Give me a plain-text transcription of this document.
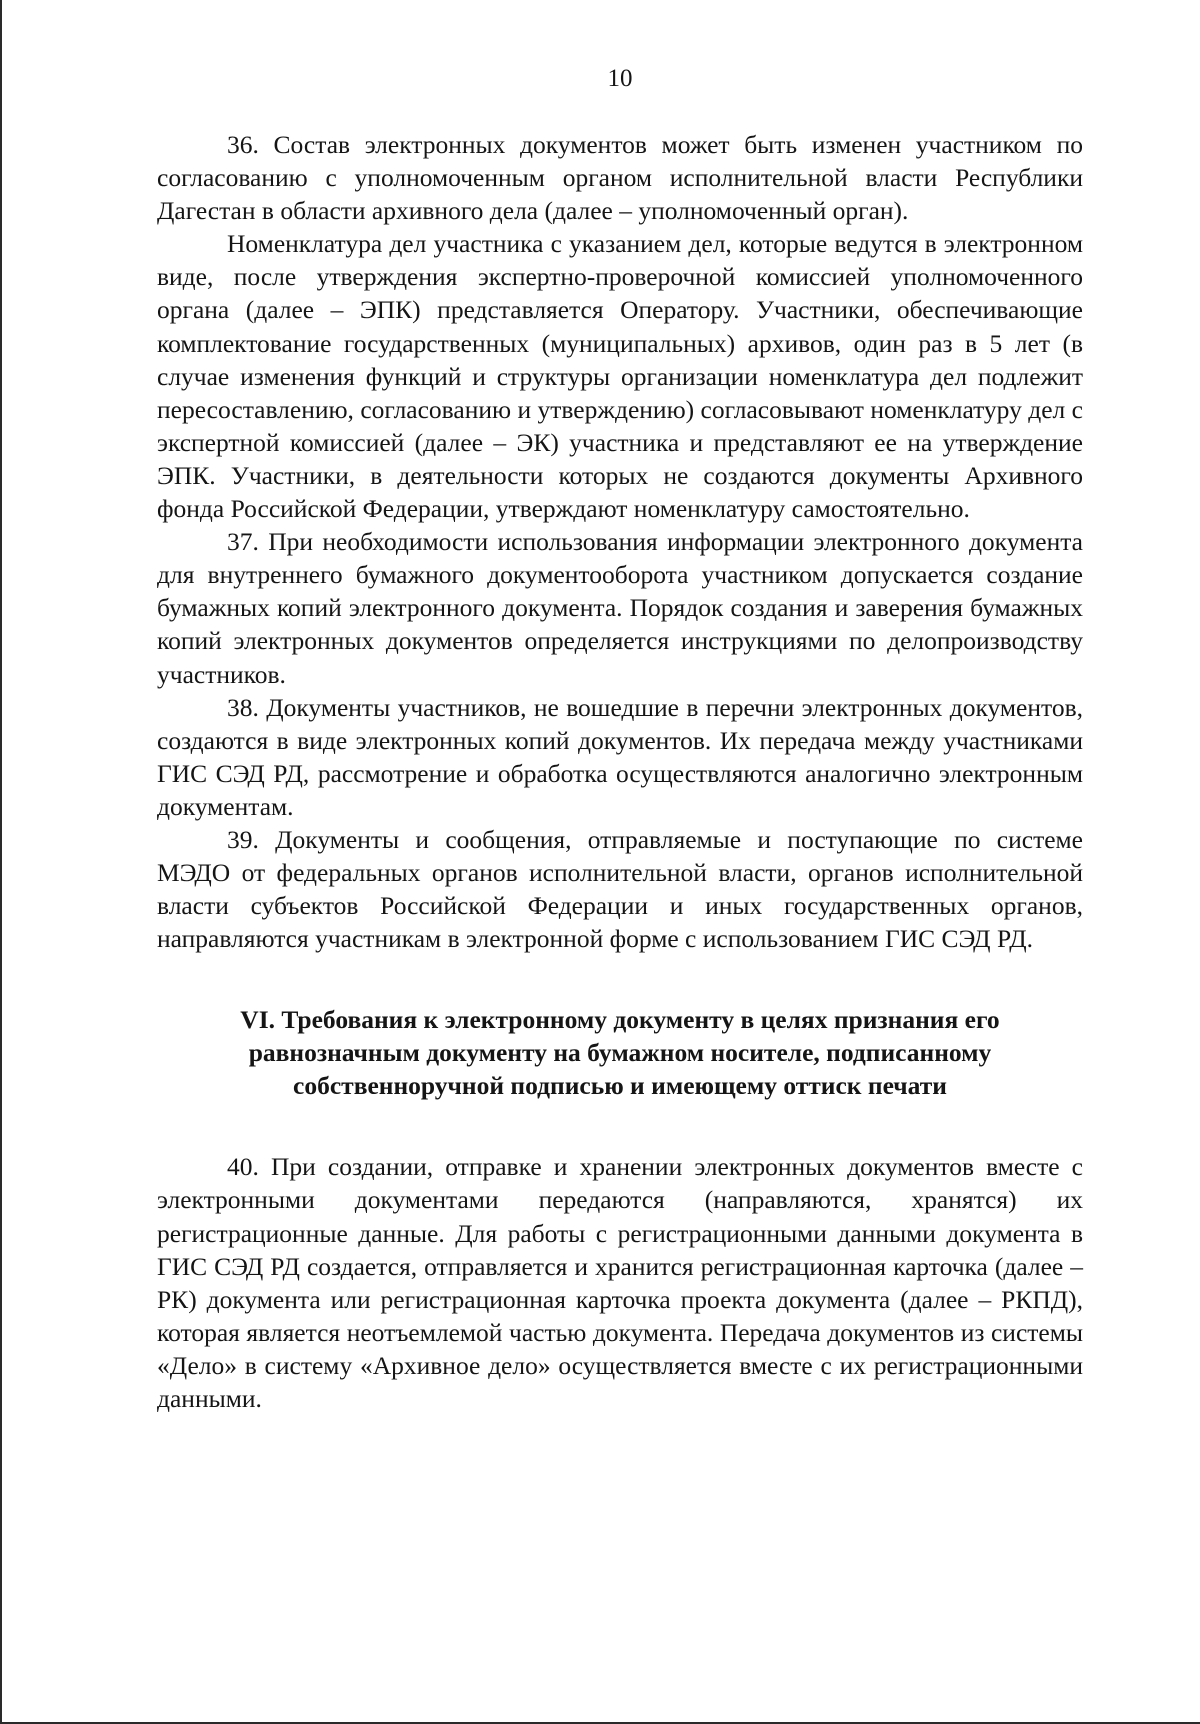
10

36. Состав электронных документов может быть изменен участником по согласованию с уполномоченным органом исполнительной власти Республики Дагестан в области архивного дела (далее – уполномоченный орган).

Номенклатура дел участника с указанием дел, которые ведутся в электронном виде, после утверждения экспертно-проверочной комиссией уполномоченного органа (далее – ЭПК) представляется Оператору. Участники, обеспечивающие комплектование государственных (муниципальных) архивов, один раз в 5 лет (в случае изменения функций и структуры организации номенклатура дел подлежит пересоставлению, согласованию и утверждению) согласовывают номенклатуру дел с экспертной комиссией (далее – ЭК) участника и представляют ее на утверждение ЭПК. Участники, в деятельности которых не создаются документы Архивного фонда Российской Федерации, утверждают номенклатуру самостоятельно.

37. При необходимости использования информации электронного документа для внутреннего бумажного документооборота участником допускается создание бумажных копий электронного документа. Порядок создания и заверения бумажных копий электронных документов определяется инструкциями по делопроизводству участников.

38. Документы участников, не вошедшие в перечни электронных документов, создаются в виде электронных копий документов. Их передача между участниками ГИС СЭД РД, рассмотрение и обработка осуществляются аналогично электронным документам.

39. Документы и сообщения, отправляемые и поступающие по системе МЭДО от федеральных органов исполнительной власти, органов исполнительной власти субъектов Российской Федерации и иных государственных органов, направляются участникам в электронной форме с использованием ГИС СЭД РД.

VI. Требования к электронному документу в целях признания его равнозначным документу на бумажном носителе, подписанному собственноручной подписью и имеющему оттиск печати

40. При создании, отправке и хранении электронных документов вместе с электронными документами передаются (направляются, хранятся) их регистрационные данные. Для работы с регистрационными данными документа в ГИС СЭД РД создается, отправляется и хранится регистрационная карточка (далее – РК) документа или регистрационная карточка проекта документа (далее – РКПД), которая является неотъемлемой частью документа. Передача документов из системы «Дело» в систему «Архивное дело» осуществляется вместе с их регистрационными данными.
